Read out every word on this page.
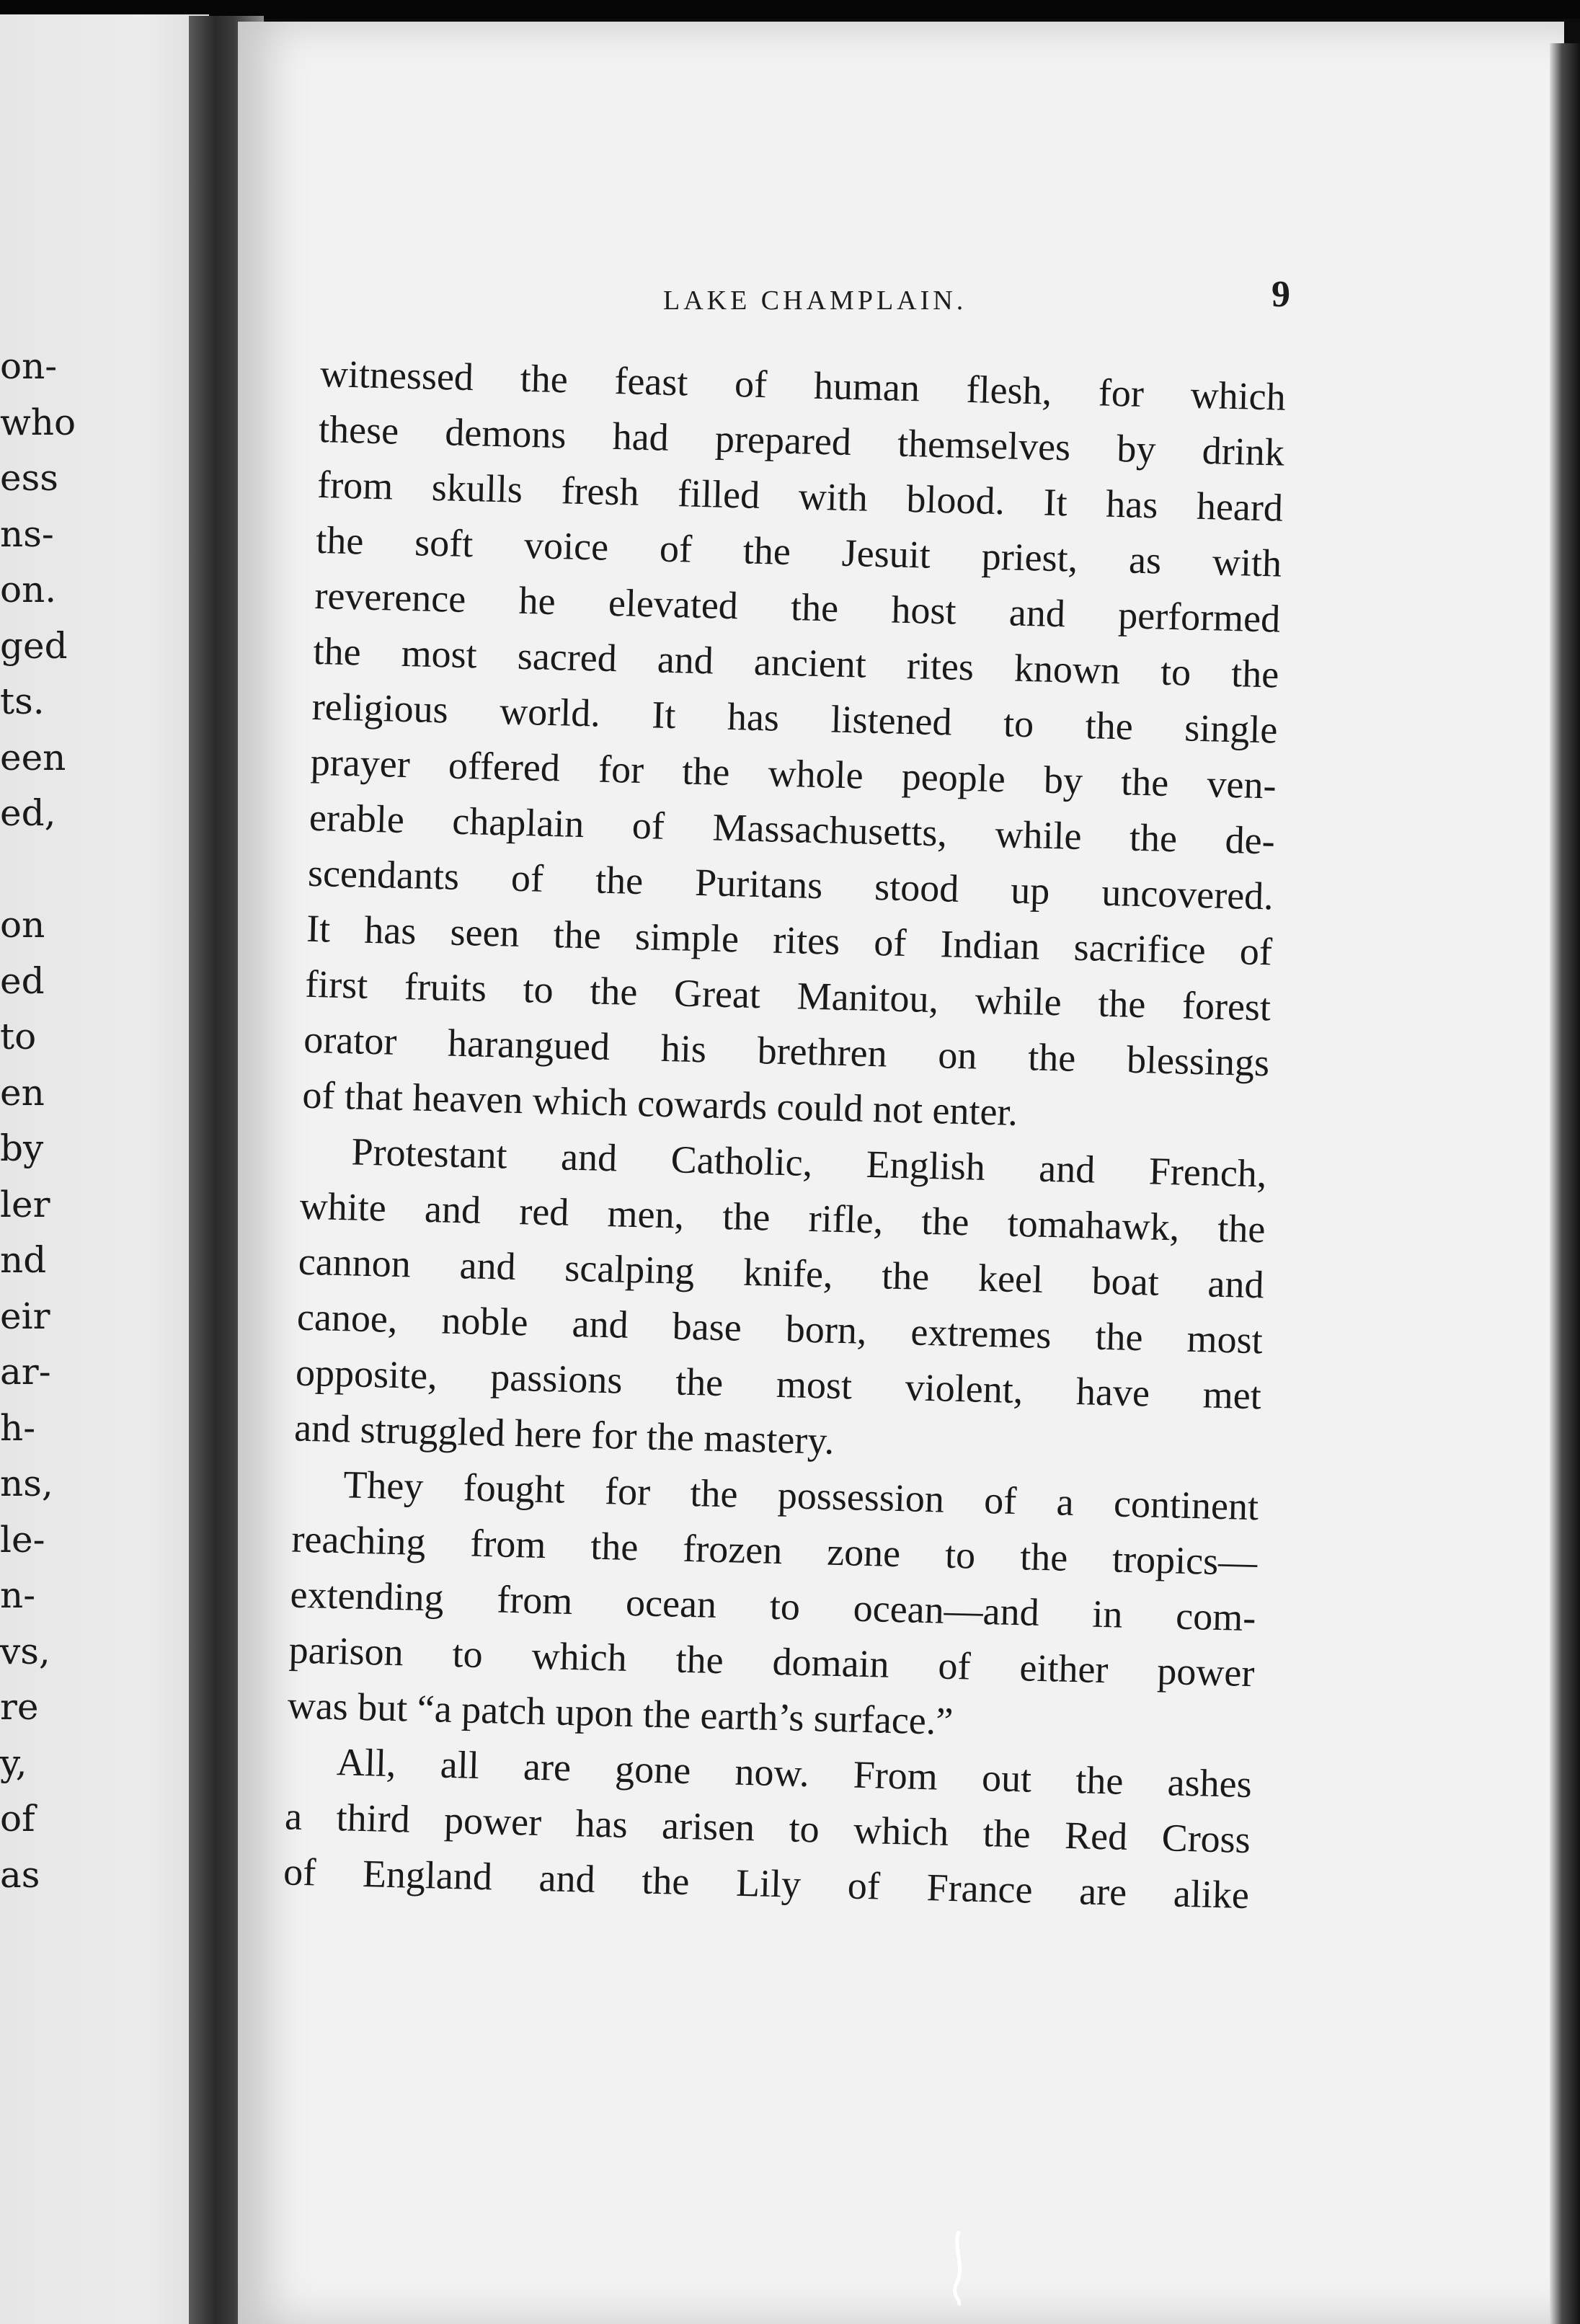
on-
who
ess
ns-
on.
ged
ts.
een
ed,
on
ed
to
en
by
ler
nd
eir
ar-
h-
ns,
le-
n-
vs,
re
y,
of
as
LAKE CHAMPLAIN.	9
witnessed the feast of human flesh, for which
these demons had prepared themselves by drink
from skulls fresh filled with blood. It has heard
the soft voice of the Jesuit priest, as with
reverence he elevated the host and performed
the most sacred and ancient rites known to the
religious world. It has listened to the single
prayer offered for the whole people by the ven-
erable chaplain of Massachusetts, while the de-
scendants of the Puritans stood up uncovered.
It has seen the simple rites of Indian sacrifice of
first fruits to the Great Manitou, while the forest
orator harangued his brethren on the blessings
of that heaven which cowards could not enter.
Protestant and Catholic, English and French,
white and red men, the rifle, the tomahawk, the
cannon and scalping knife, the keel boat and
canoe, noble and base born, extremes the most
opposite, passions the most violent, have met
and struggled here for the mastery.
They fought for the possession of a continent
reaching from the frozen zone to the tropics—
extending from ocean to ocean—and in com-
parison to which the domain of either power
was but “a patch upon the earth’s surface.”
All, all are gone now. From out the ashes
a third power has arisen to which the Red Cross
of England and the Lily of France are alike
